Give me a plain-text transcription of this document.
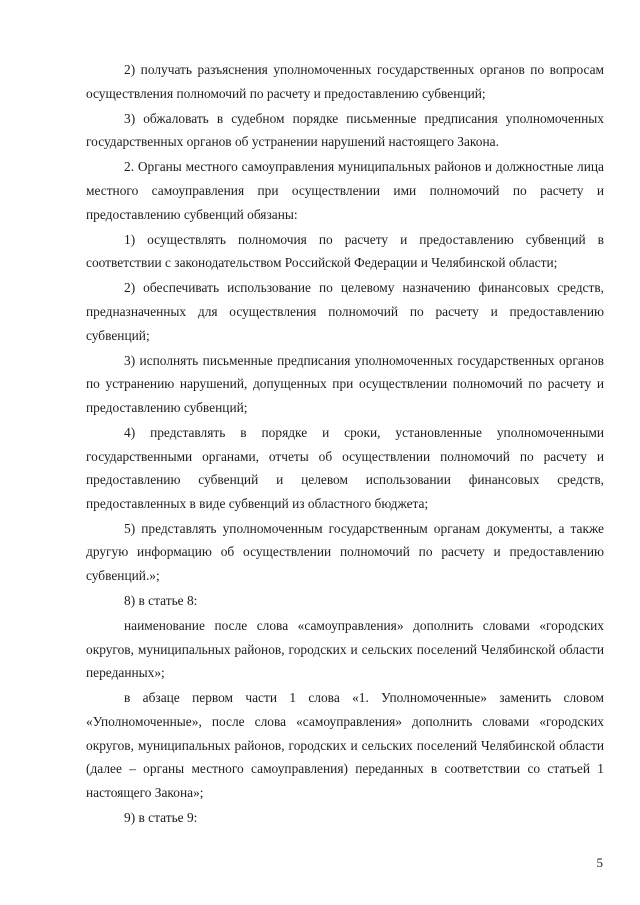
2) получать разъяснения уполномоченных государственных органов по вопросам осуществления полномочий по расчету и предоставлению субвенций;

3) обжаловать в судебном порядке письменные предписания уполномоченных государственных органов об устранении нарушений настоящего Закона.

2. Органы местного самоуправления муниципальных районов и должностные лица местного самоуправления при осуществлении ими полномочий по расчету и предоставлению субвенций обязаны:

1) осуществлять полномочия по расчету и предоставлению субвенций в соответствии с законодательством Российской Федерации и Челябинской области;

2) обеспечивать использование по целевому назначению финансовых средств, предназначенных для осуществления полномочий по расчету и предоставлению субвенций;

3) исполнять письменные предписания уполномоченных государственных органов по устранению нарушений, допущенных при осуществлении полномочий по расчету и предоставлению субвенций;

4) представлять в порядке и сроки, установленные уполномоченными государственными органами, отчеты об осуществлении полномочий по расчету и предоставлению субвенций и целевом использовании финансовых средств, предоставленных в виде субвенций из областного бюджета;

5) представлять уполномоченным государственным органам документы, а также другую информацию об осуществлении полномочий по расчету и предоставлению субвенций.»;

8) в статье 8:

наименование после слова «самоуправления» дополнить словами «городских округов, муниципальных районов, городских и сельских поселений Челябинской области переданных»;

в абзаце первом части 1 слова «1. Уполномоченные» заменить словом «Уполномоченные», после слова «самоуправления» дополнить словами «городских округов, муниципальных районов, городских и сельских поселений Челябинской области (далее – органы местного самоуправления) переданных в соответствии со статьей 1 настоящего Закона»;

9) в статье 9:

5
